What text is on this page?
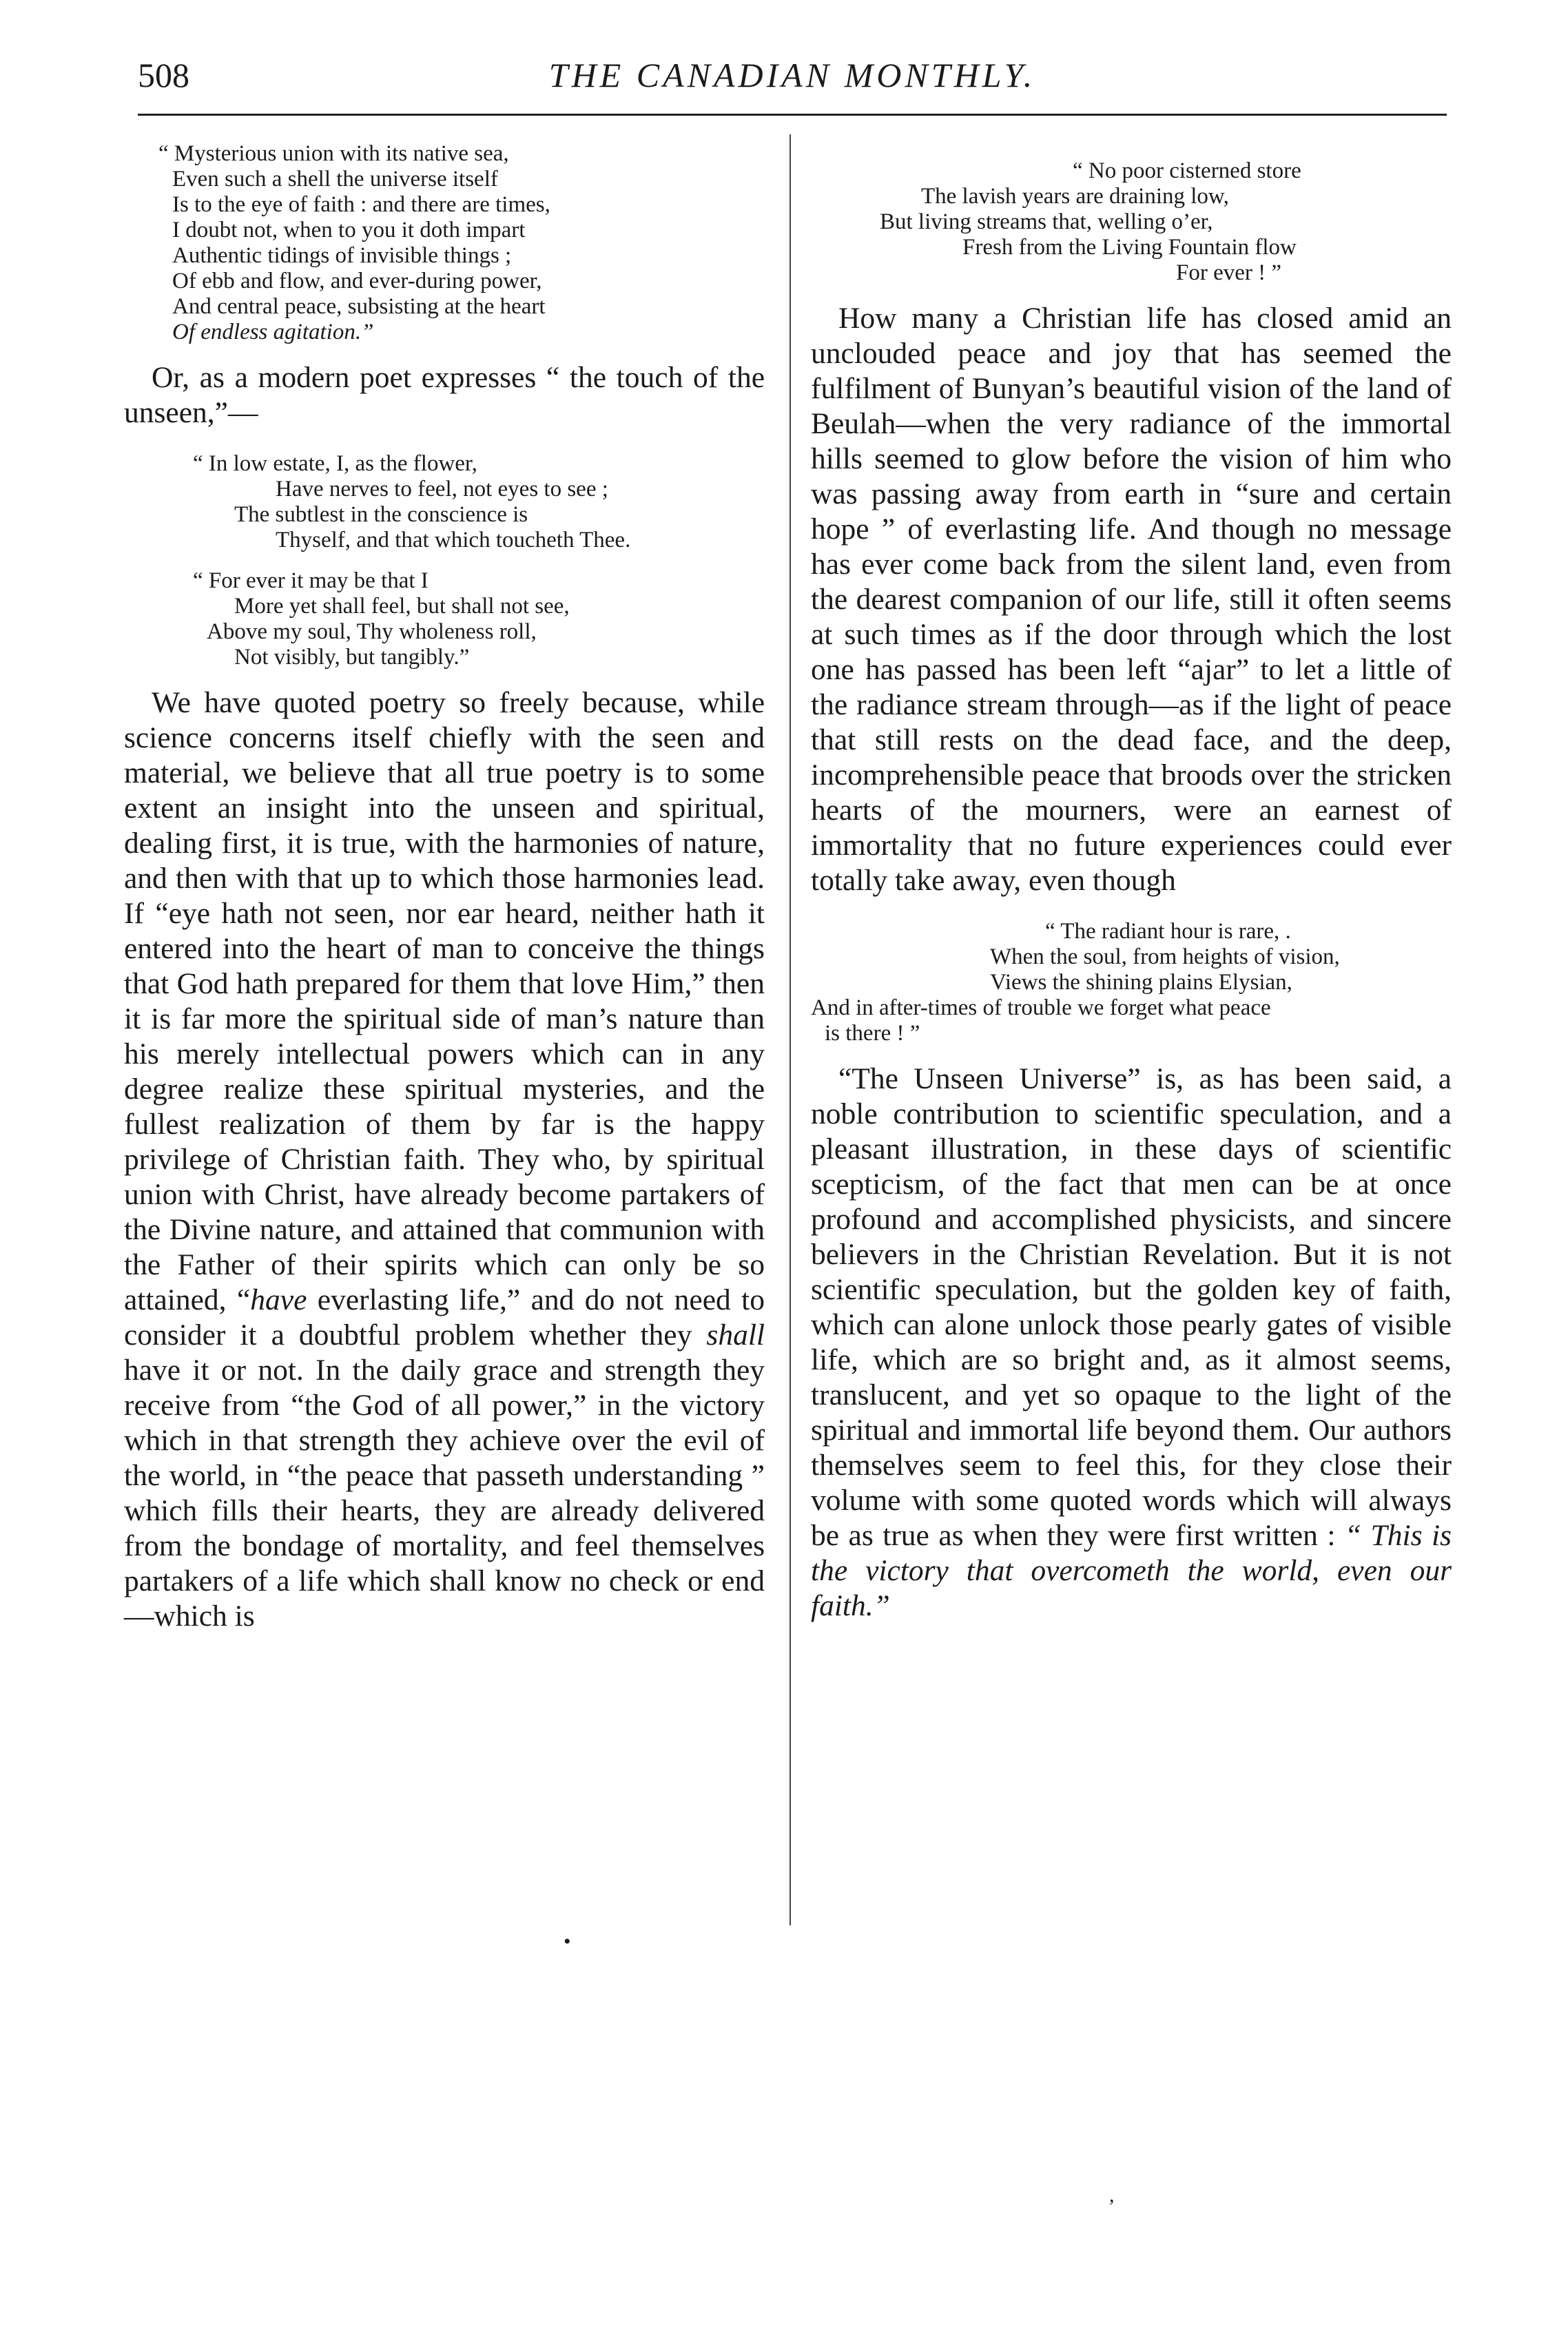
508	THE CANADIAN MONTHLY.
“ Mysterious union with its native sea,
Even such a shell the universe itself
Is to the eye of faith : and there are times,
I doubt not, when to you it doth impart
Authentic tidings of invisible things ;
Of ebb and flow, and ever-during power,
And central peace, subsisting at the heart
Of endless agitation.”

Or, as a modern poet expresses “ the touch of the unseen,”—

“ In low estate, I, as the flower,
Have nerves to feel, not eyes to see ;
The subtlest in the conscience is
Thyself, and that which toucheth Thee.
“ For ever it may be that I
More yet shall feel, but shall not see,
Above my soul, Thy wholeness roll,
Not visibly, but tangibly.”

We have quoted poetry so freely because, while science concerns itself chiefly with the seen and material, we believe that all true poetry is to some extent an insight into the unseen and spiritual, dealing first, it is true, with the harmonies of nature, and then with that up to which those harmonies lead. If “eye hath not seen, nor ear heard, neither hath it entered into the heart of man to conceive the things that God hath prepared for them that love Him,” then it is far more the spiritual side of man’s nature than his merely intellectual powers which can in any degree realize these spiritual mysteries, and the fullest realization of them by far is the happy privilege of Christian faith. They who, by spiritual union with Christ, have already become partakers of the Divine nature, and attained that communion with the Father of their spirits which can only be so attained, “have everlasting life,” and do not need to consider it a doubtful problem whether they shall have it or not. In the daily grace and strength they receive from “the God of all power,” in the victory which in that strength they achieve over the evil of the world, in “the peace that passeth understanding ” which fills their hearts, they are already delivered from the bondage of mortality, and feel themselves partakers of a life which shall know no check or end—which is

“ No poor cisterned store
The lavish years are draining low,
But living streams that, welling o’er,
Fresh from the Living Fountain flow
For ever ! ”

How many a Christian life has closed amid an unclouded peace and joy that has seemed the fulfilment of Bunyan’s beautiful vision of the land of Beulah—when the very radiance of the immortal hills seemed to glow before the vision of him who was passing away from earth in “sure and certain hope ” of everlasting life. And though no message has ever come back from the silent land, even from the dearest companion of our life, still it often seems at such times as if the door through which the lost one has passed has been left “ajar” to let a little of the radiance stream through—as if the light of peace that still rests on the dead face, and the deep, incomprehensible peace that broods over the stricken hearts of the mourners, were an earnest of immortality that no future experiences could ever totally take away, even though

“ The radiant hour is rare, .
When the soul, from heights of vision,
Views the shining plains Elysian,
And in after-times of trouble we forget what peace
is there ! ”

“The Unseen Universe” is, as has been said, a noble contribution to scientific speculation, and a pleasant illustration, in these days of scientific scepticism, of the fact that men can be at once profound and accomplished physicists, and sincere believers in the Christian Revelation. But it is not scientific speculation, but the golden key of faith, which can alone unlock those pearly gates of visible life, which are so bright and, as it almost seems, translucent, and yet so opaque to the light of the spiritual and immortal life beyond them. Our authors themselves seem to feel this, for they close their volume with some quoted words which will always be as true as when they were first written : “ This is the victory that overcometh the world, even our faith.”

•
,
